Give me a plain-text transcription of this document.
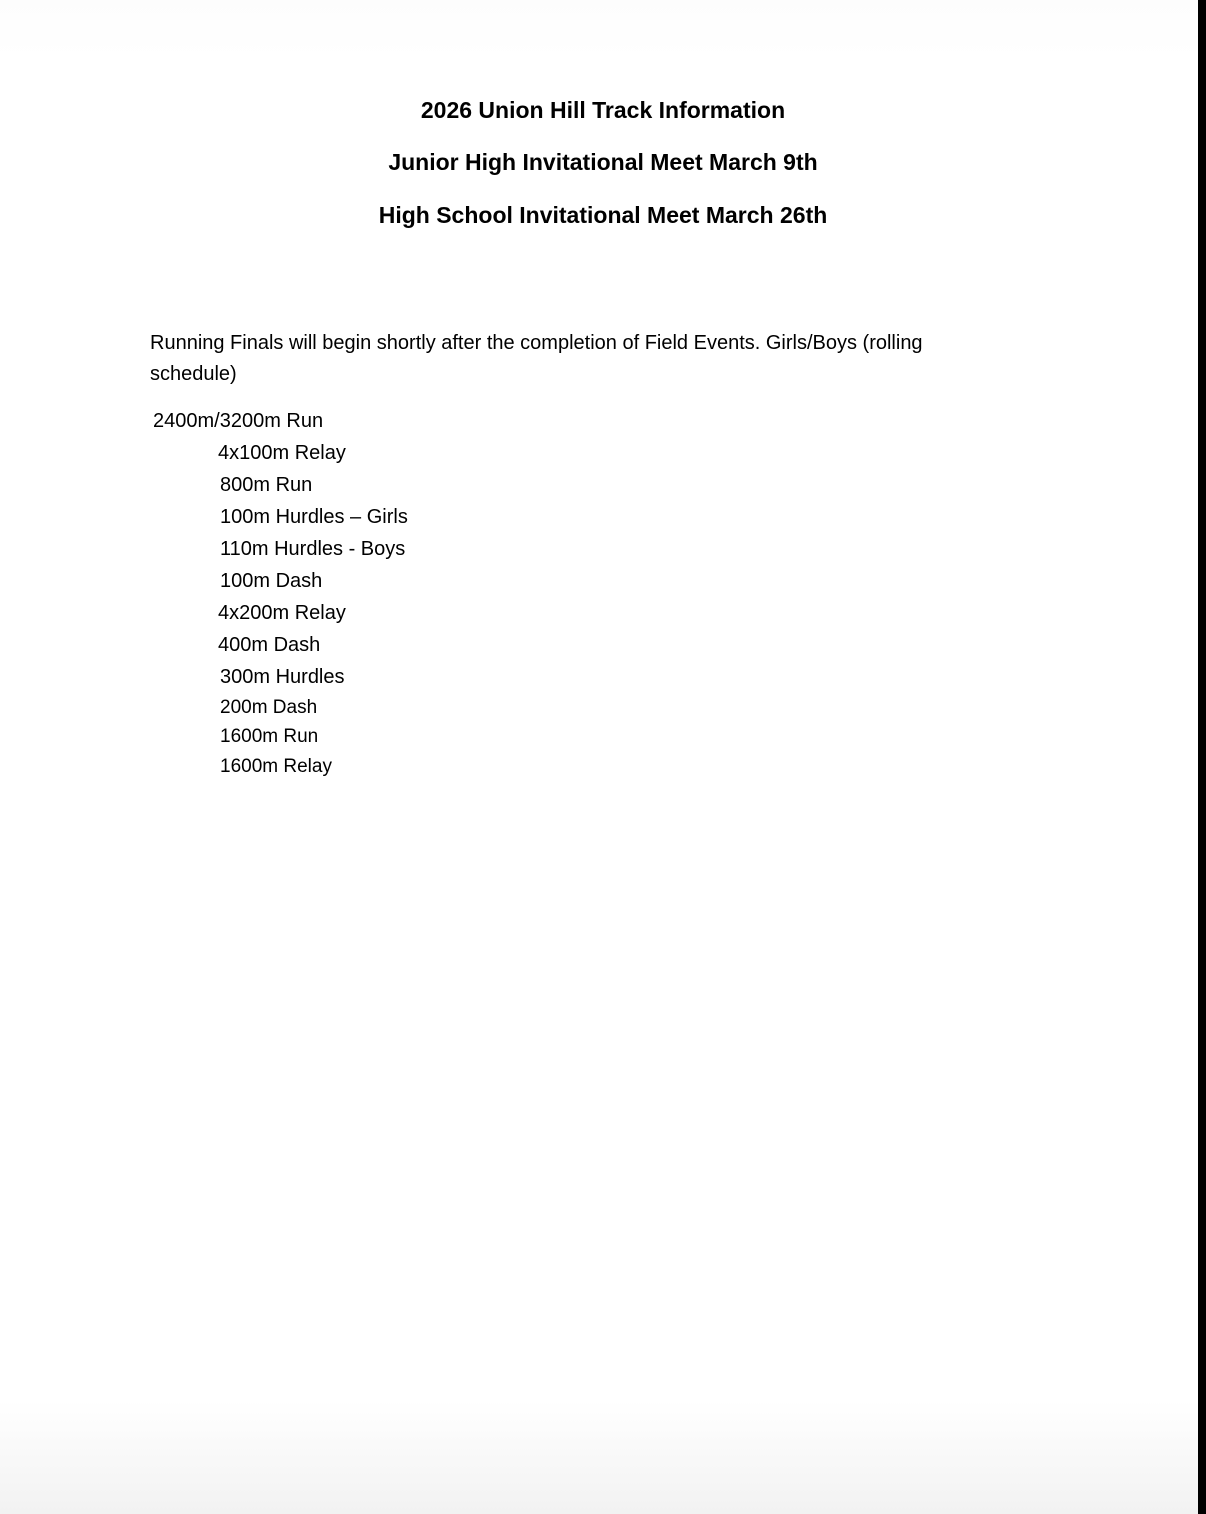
2026 Union Hill Track Information
Junior High Invitational Meet March 9th
High School Invitational Meet March 26th

Running Finals will begin shortly after the completion of Field Events. Girls/Boys (rolling schedule)

2400m/3200m Run
4x100m Relay
800m Run
100m Hurdles – Girls
110m Hurdles - Boys
100m Dash
4x200m Relay
400m Dash
300m Hurdles
200m Dash
1600m Run
1600m Relay
